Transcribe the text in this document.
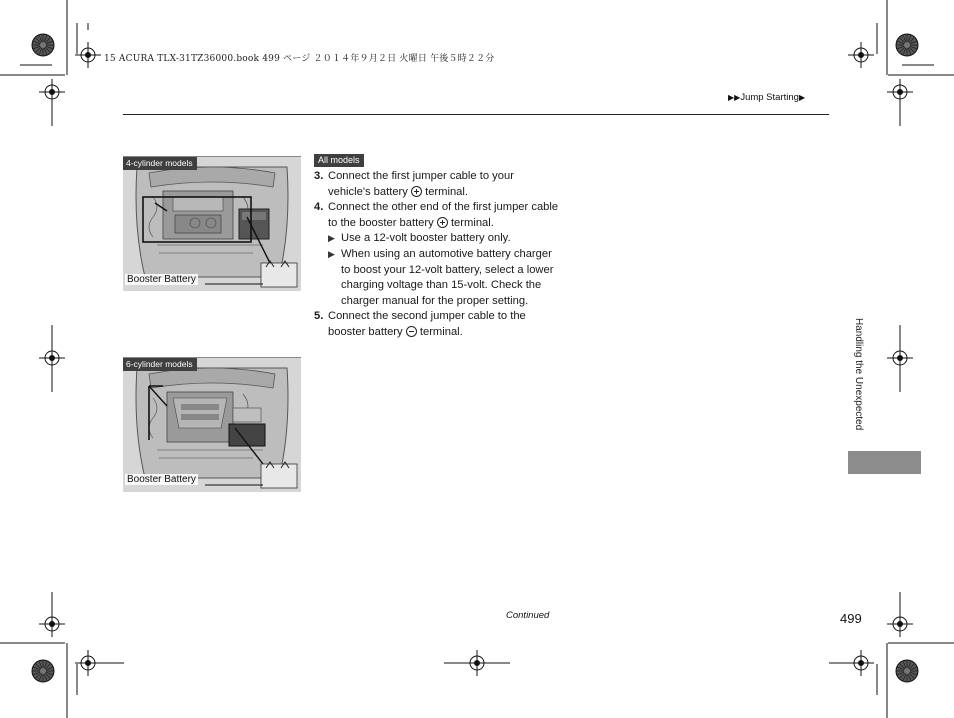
15 ACURA TLX-31TZ36000.book 499 ページ ２０１４年９月２日 火曜日 午後５時２２分
▶▶Jump Starting▶
4-cylinder models
Booster Battery
6-cylinder models
Booster Battery
All models
3. Connect the first jumper cable to your vehicle's battery terminal.
4. Connect the other end of the first jumper cable to the booster battery terminal.
▶ Use a 12-volt booster battery only.
▶ When using an automotive battery charger to boost your 12-volt battery, select a lower charging voltage than 15-volt. Check the charger manual for the proper setting.
5. Connect the second jumper cable to the booster battery terminal.	Handling the Unexpected
Continued	499
